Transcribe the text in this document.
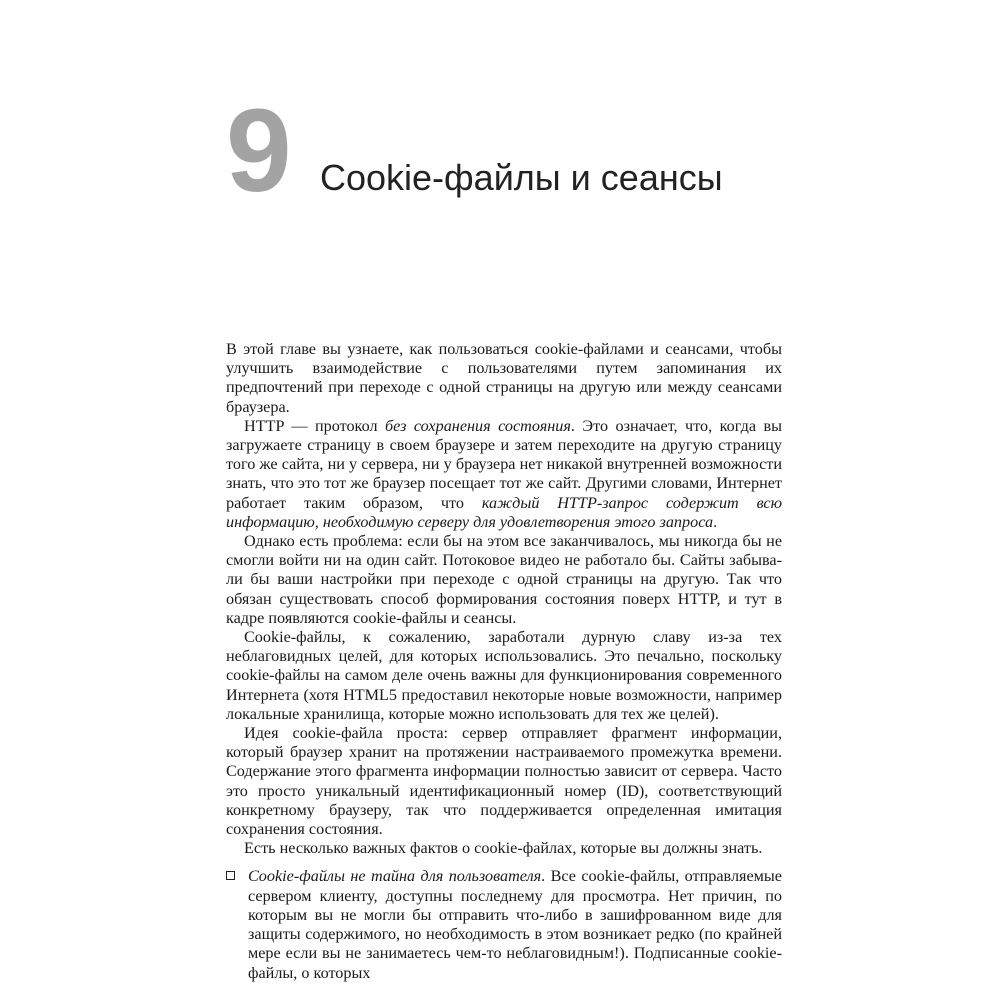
9 Cookie-файлы и сеансы

В этой главе вы узнаете, как пользоваться cookie-файлами и сеансами, чтобы улучшить взаимодействие с пользователями путем запоминания их предпочтений при переходе с одной страницы на другую или между сеансами браузера.

HTTP — протокол без сохранения состояния. Это означает, что, когда вы загружаете страницу в своем браузере и затем переходите на другую страницу того же сайта, ни у сервера, ни у браузера нет никакой внутренней возможности знать, что это тот же браузер посещает тот же сайт. Другими словами, Интернет работает таким образом, что каждый HTTP-запрос содержит всю информацию, необходимую серверу для удовлетворения этого запроса.

Однако есть проблема: если бы на этом все заканчивалось, мы никогда бы не смогли войти ни на один сайт. Потоковое видео не работало бы. Сайты забывали бы ваши настройки при переходе с одной страницы на другую. Так что обязан существовать способ формирования состояния поверх HTTP, и тут в кадре появляются cookie-файлы и сеансы.

Cookie-файлы, к сожалению, заработали дурную славу из-за тех неблаговидных целей, для которых использовались. Это печально, поскольку cookie-файлы на самом деле очень важны для функционирования современного Интернета (хотя HTML5 предоставил некоторые новые возможности, например локальные хранилища, которые можно использовать для тех же целей).

Идея cookie-файла проста: сервер отправляет фрагмент информации, который браузер хранит на протяжении настраиваемого промежутка времени. Содержание этого фрагмента информации полностью зависит от сервера. Часто это просто уникальный идентификационный номер (ID), соответствующий конкретному браузеру, так что поддерживается определенная имитация сохранения состояния.

Есть несколько важных фактов о cookie-файлах, которые вы должны знать.

Cookie-файлы не тайна для пользователя. Все cookie-файлы, отправляемые сервером клиенту, доступны последнему для просмотра. Нет причин, по которым вы не могли бы отправить что-либо в зашифрованном виде для защиты содержимого, но необходимость в этом возникает редко (по крайней мере если вы не занимаетесь чем-то неблаговидным!). Подписанные cookie-файлы, о которых
